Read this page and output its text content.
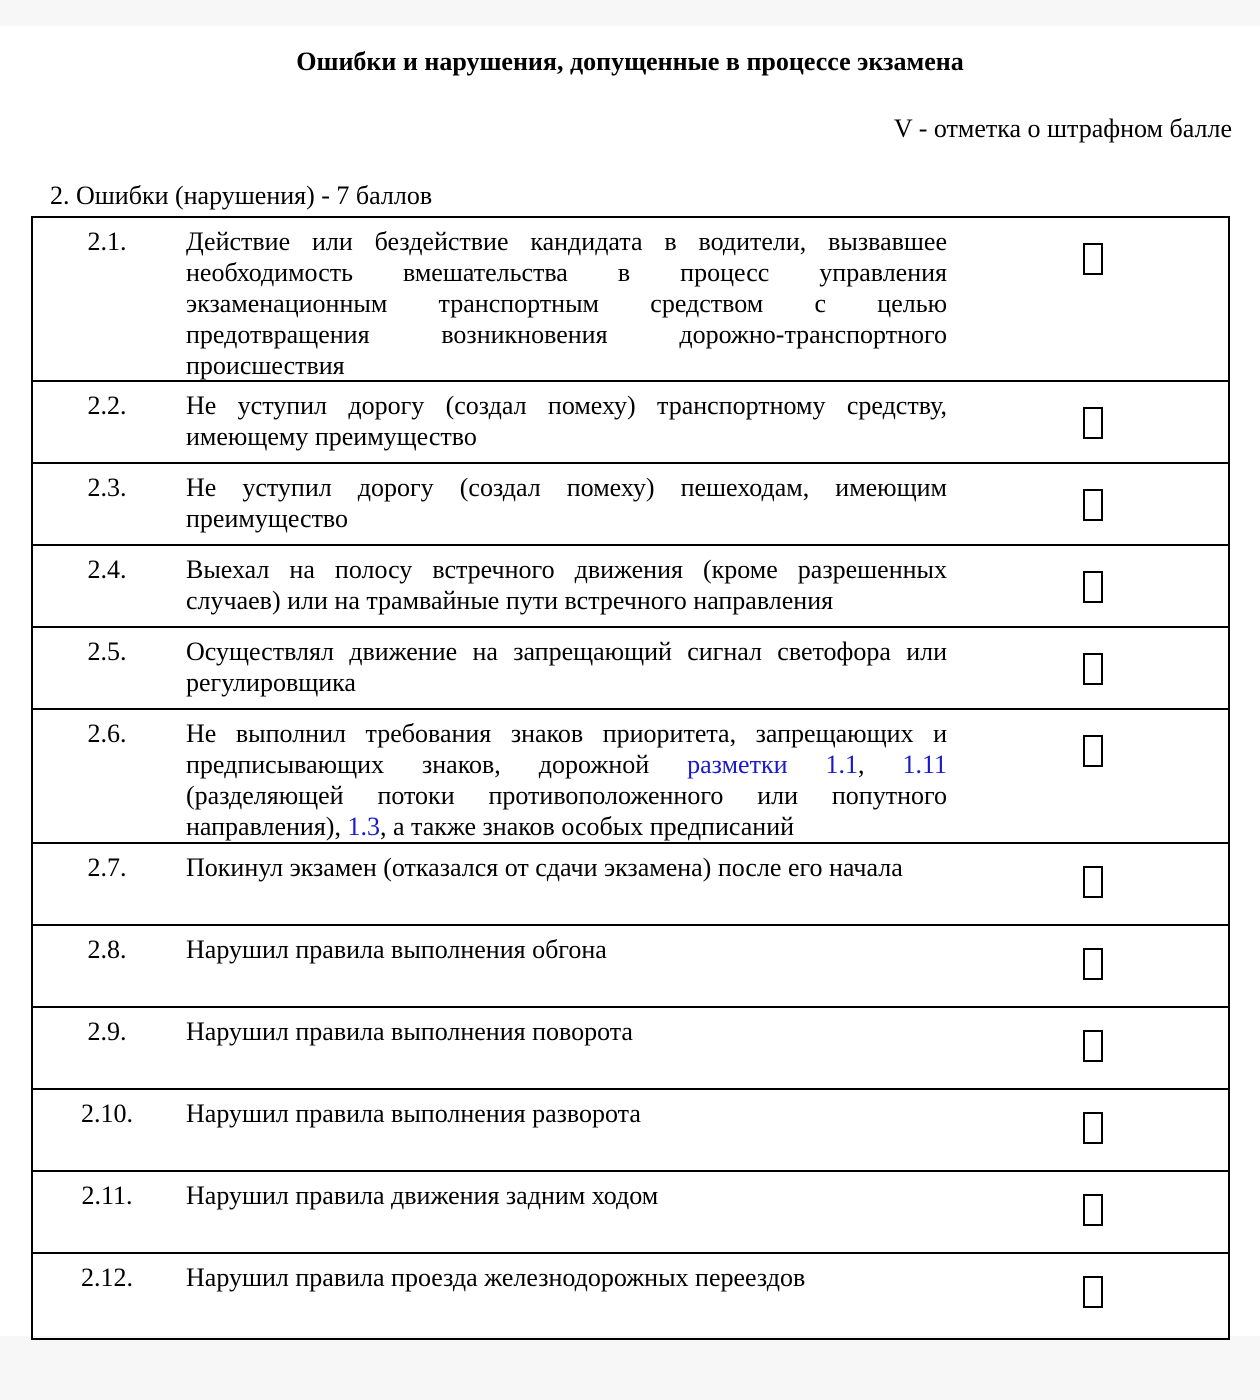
Ошибки и нарушения, допущенные в процессе экзамена
V - отметка о штрафном балле
2. Ошибки (нарушения) - 7 баллов
2.1.	Действие или бездействие кандидата в водители, вызвавшее необходимость вмешательства в процесс управления экзаменационным транспортным средством с целью предотвращения возникновения дорожно-транспортного происшествия
2.2.	Не уступил дорогу (создал помеху) транспортному средству, имеющему преимущество
2.3.	Не уступил дорогу (создал помеху) пешеходам, имеющим преимущество
2.4.	Выехал на полосу встречного движения (кроме разрешенных случаев) или на трамвайные пути встречного направления
2.5.	Осуществлял движение на запрещающий сигнал светофора или регулировщика
2.6.	Не выполнил требования знаков приоритета, запрещающих и предписывающих знаков, дорожной разметки 1.1, 1.11 (разделяющей потоки противоположенного или попутного направления), 1.3, а также знаков особых предписаний
2.7.	Покинул экзамен (отказался от сдачи экзамена) после его начала
2.8.	Нарушил правила выполнения обгона
2.9.	Нарушил правила выполнения поворота
2.10.	Нарушил правила выполнения разворота
2.11.	Нарушил правила движения задним ходом
2.12.	Нарушил правила проезда железнодорожных переездов
